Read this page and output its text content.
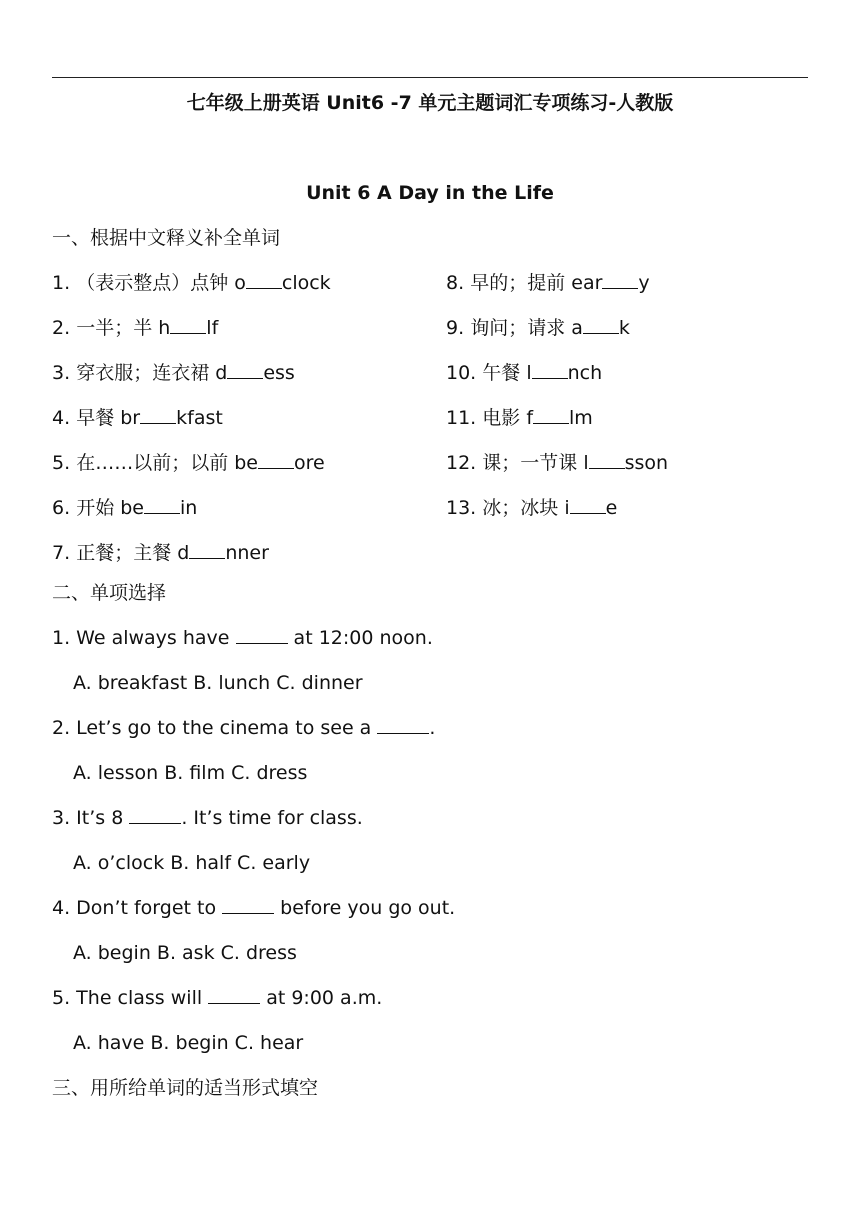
七年级上册英语 Unit6 -7 单元主题词汇专项练习-人教版
Unit 6 A Day in the Life
一、根据中文释义补全单词
1. （表示整点）点钟 o clock
2. 一半；半 h lf
3. 穿衣服；连衣裙 d ess
4. 早餐 br kfast
5. 在……以前；以前 be ore
6. 开始 be in
7. 正餐；主餐 d nner
8. 早的；提前 ear y
9. 询问；请求 a k
10. 午餐 l nch
11. 电影 f lm
12. 课；一节课 l sson
13. 冰；冰块 i e
二、单项选择
1. We always have	at 12:00 noon.
A. breakfast B. lunch C. dinner
2. Let’s go to the cinema to see a	.
A. lesson B. film C. dress
3. It’s 8	. It’s time for class.
A. o’clock B. half C. early
4. Don’t forget to	before you go out.
A. begin B. ask C. dress
5. The class will	at 9:00 a.m.
A. have B. begin C. hear
三、用所给单词的适当形式填空
